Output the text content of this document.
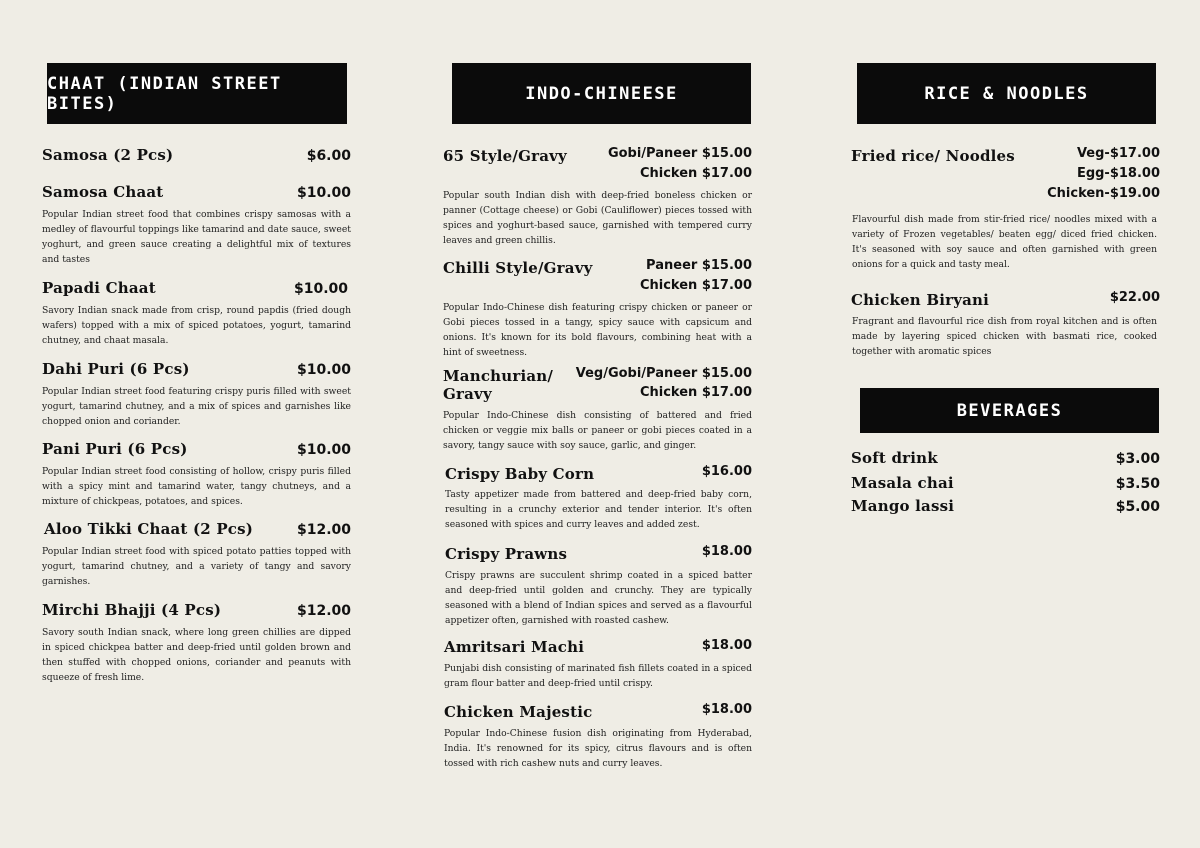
CHAAT (INDIAN STREET BITES)	INDO-CHINEESE	RICE & NOODLES
BEVERAGES
Samosa (2 Pcs)	$6.00
Samosa Chaat	$10.00
Popular Indian street food that combines crispy samosas with a medley of flavourful toppings like tamarind and date sauce, sweet yoghurt, and green sauce creating a delightful mix of textures and tastes
Papadi Chaat	$10.00
Savory Indian snack made from crisp, round papdis (fried dough wafers) topped with a mix of spiced potatoes, yogurt, tamarind chutney, and chaat masala.
Dahi Puri (6 Pcs)	$10.00
Popular Indian street food featuring crispy puris filled with sweet yogurt, tamarind chutney, and a mix of spices and garnishes like chopped onion and coriander.
Pani Puri (6 Pcs)	$10.00
Popular Indian street food consisting of hollow, crispy puris filled with a spicy mint and tamarind water, tangy chutneys, and a mixture of chickpeas, potatoes, and spices.
Aloo Tikki Chaat (2 Pcs)	$12.00
Popular Indian street food with spiced potato patties topped with yogurt, tamarind chutney, and a variety of tangy and savory garnishes.
Mirchi Bhajji (4 Pcs)	$12.00
Savory south Indian snack, where long green chillies are dipped in spiced chickpea batter and deep-fried until golden brown and then stuffed with chopped onions, coriander and peanuts with squeeze of fresh lime.
65 Style/Gravy	Gobi/Paneer $15.00
Chicken $17.00
Popular south Indian dish with deep-fried boneless chicken or panner (Cottage cheese) or Gobi (Cauliflower) pieces tossed with spices and yoghurt-based sauce, garnished with tempered curry leaves and green chillis.
Chilli Style/Gravy	Paneer $15.00
Chicken $17.00
Popular Indo-Chinese dish featuring crispy chicken or paneer or Gobi pieces tossed in a tangy, spicy sauce with capsicum and onions. It's known for its bold flavours, combining heat with a hint of sweetness.
Manchurian/
Gravy
Veg/Gobi/Paneer $15.00
Chicken $17.00
Popular Indo-Chinese dish consisting of battered and fried chicken or veggie mix balls or paneer or gobi pieces coated in a savory, tangy sauce with soy sauce, garlic, and ginger.
Crispy Baby Corn	$16.00
Tasty appetizer made from battered and deep-fried baby corn, resulting in a crunchy exterior and tender interior. It's often seasoned with spices and curry leaves and added zest.
Crispy Prawns	$18.00
Crispy prawns are succulent shrimp coated in a spiced batter and deep-fried until golden and crunchy. They are typically seasoned with a blend of Indian spices and served as a flavourful appetizer often, garnished with roasted cashew.
Amritsari Machi	$18.00
Punjabi dish consisting of marinated fish fillets coated in a spiced gram flour batter and deep-fried until crispy.
Chicken Majestic	$18.00
Popular Indo-Chinese fusion dish originating from Hyderabad, India. It's renowned for its spicy, citrus flavours and is often tossed with rich cashew nuts and curry leaves.
Fried rice/ Noodles	Veg-$17.00
Egg-$18.00
Chicken-$19.00
Flavourful dish made from stir-fried rice/ noodles mixed with a variety of Frozen vegetables/ beaten egg/ diced fried chicken. It's seasoned with soy sauce and often garnished with green onions for a quick and tasty meal.
Chicken Biryani	$22.00
Fragrant and flavourful rice dish from royal kitchen and is often made by layering spiced chicken with basmati rice, cooked together with aromatic spices
Soft drink	$3.00
Masala chai	$3.50
Mango lassi	$5.00
